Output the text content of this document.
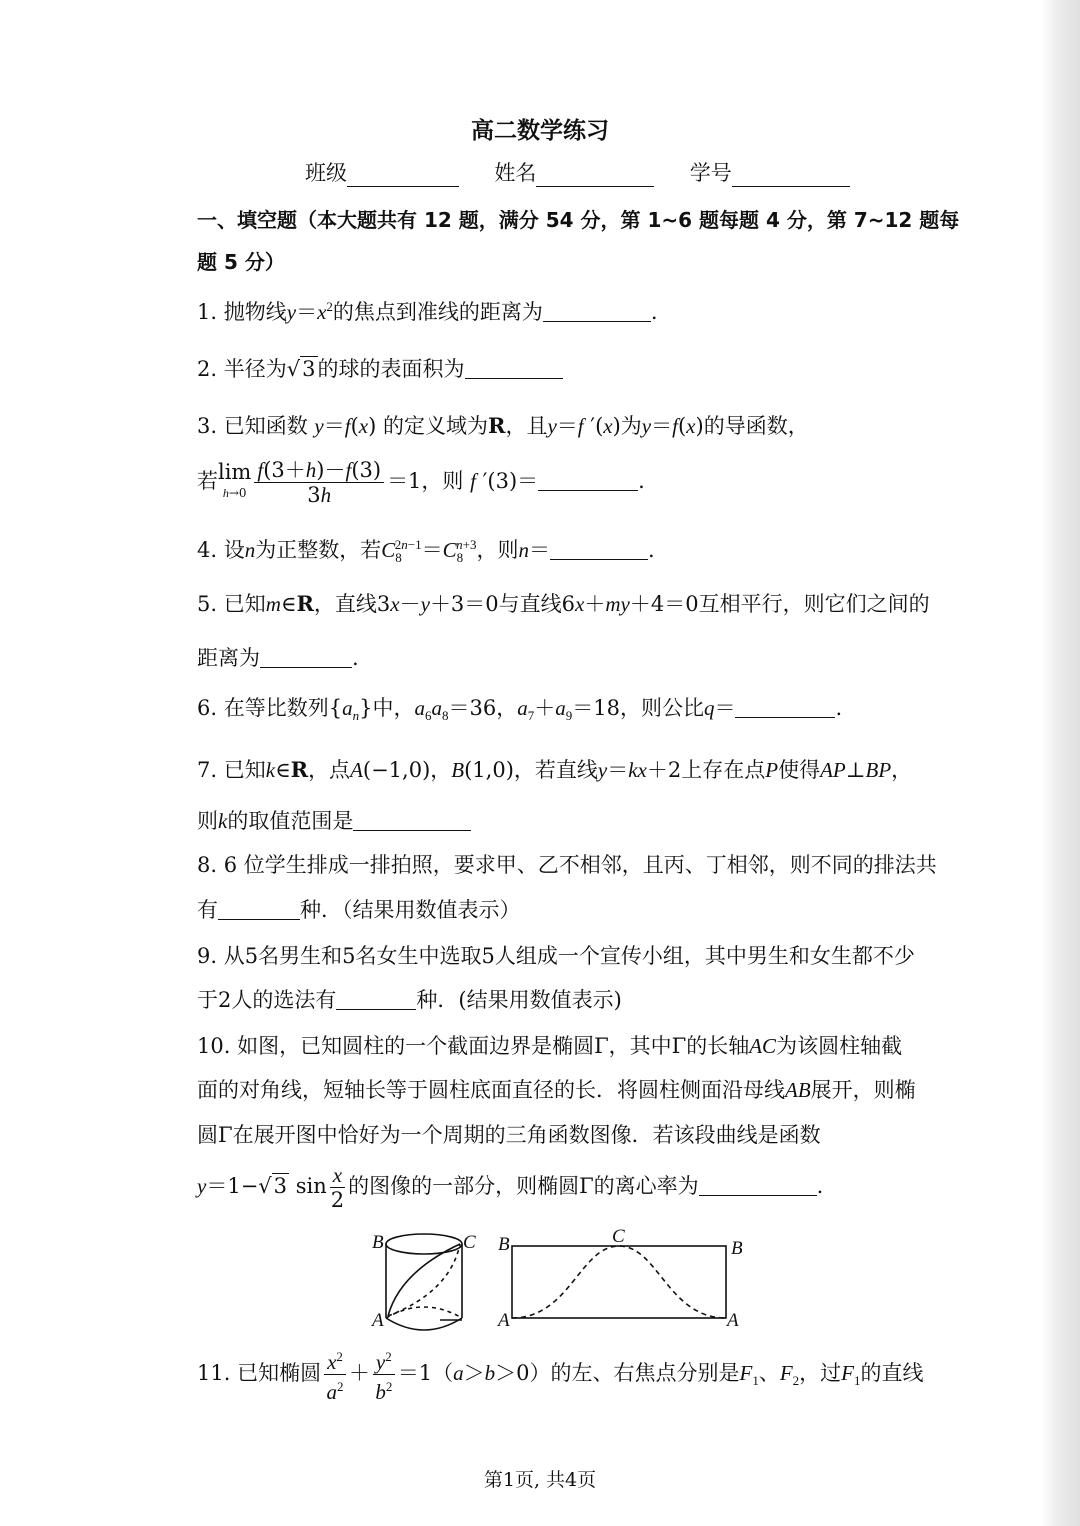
高二数学练习
班级	姓名	学号
一、填空题（本大题共有 12 题，满分 54 分，第 1~6 题每题 4 分，第 7~12 题每
题 5 分）
1. 抛物线$y=x^2$的焦点到准线的距离为	.
2. 半径为√3的球的表面积为
3. 已知函数 y＝f(x) 的定义域为R，且y＝f ′(x)为y＝f(x)的导函数，
若lim
$h\to 0 \frac{f(3+h)-f(3)}{3h} =1$，则 f ′(3)＝	.
4. 设n为正整数，若$C_8^{2n-1}=C_8^{n+3}$，则n＝	.
5. 已知m∈R，直线3x－y＋3＝0与直线6x＋my＋4＝0互相平行，则它们之间的
距离为	.
6. 在等比数列$\{a_n\}$中，$a_6a_8=36$，$a_7+a_9=18$，则公比q＝	.
7. 已知k∈R，点A(−1,0)，B(1,0)，若直线y＝kx＋2上存在点P使得AP⊥BP，
则k的取值范围是
8. 6 位学生排成一排拍照，要求甲、乙不相邻，且丙、丁相邻，则不同的排法共
有	种．（结果用数值表示）
9. 从5名男生和5名女生中选取5人组成一个宣传小组，其中男生和女生都不少
于2人的选法有	种．(结果用数值表示)
10. 如图，已知圆柱的一个截面边界是椭圆Γ，其中Γ的长轴AC为该圆柱轴截
面的对角线，短轴长等于圆柱底面直径的长．将圆柱侧面沿母线AB展开，则椭
圆Γ在展开图中恰好为一个周期的三角函数图像．若该段曲线是函数
y＝1−√3 $\sin \frac{x}{2}$ 的图像的一部分，则椭圆Γ的离心率为	.
B	C
A
B	C
B
A	A
11. 已知椭圆 $\frac{x^2}{a^2} + \frac{y^2}{b^2} =1(a>b>0)$的左、右焦点分别是$F_1$、$F_2$，过$F_1$的直线
第1页, 共4页
